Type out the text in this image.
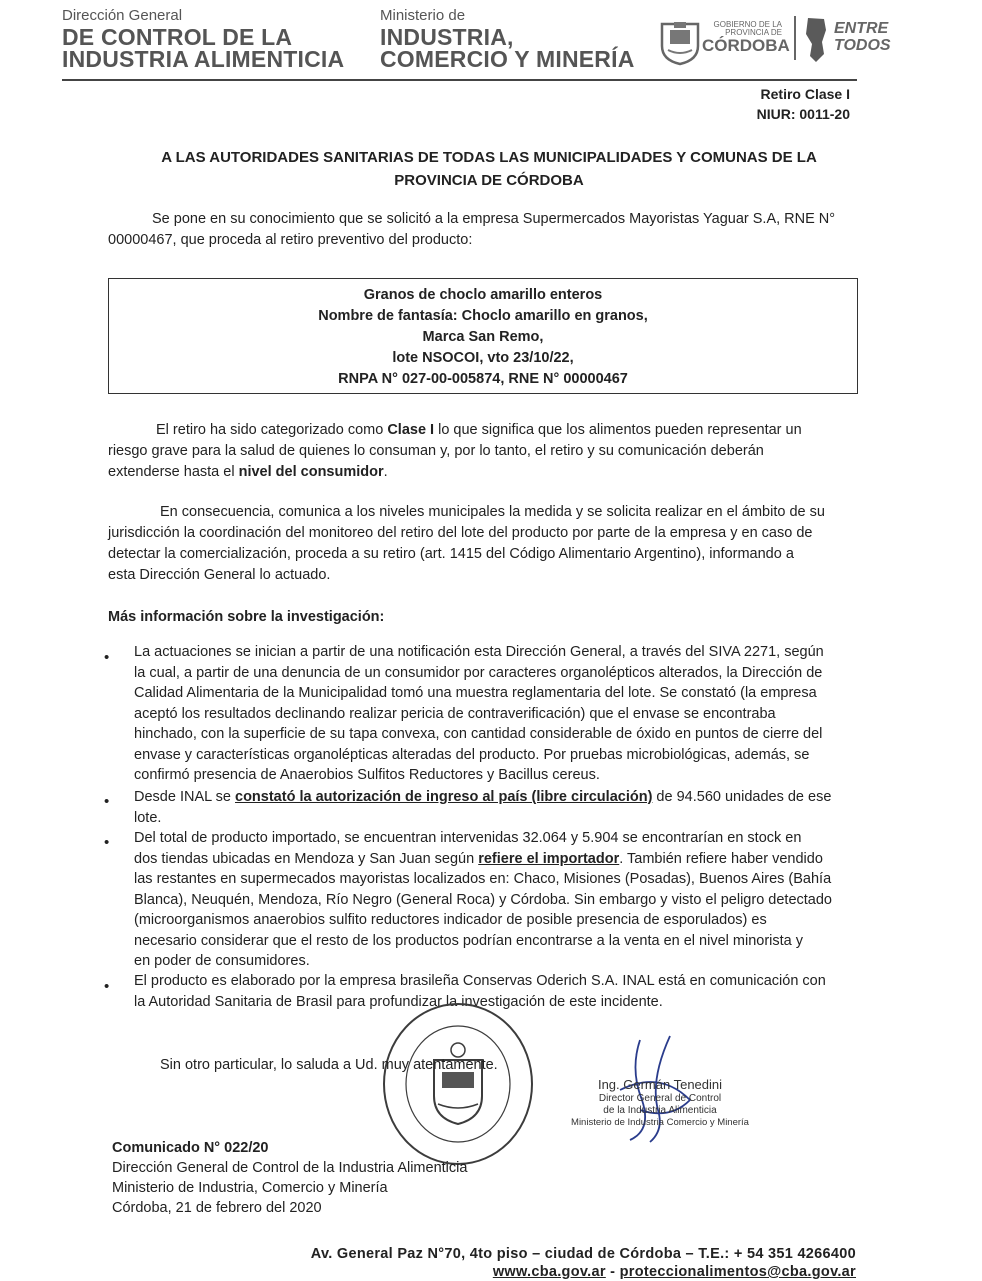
Dirección General
DE CONTROL DE LA
INDUSTRIA ALIMENTICIA
Ministerio de
INDUSTRIA,
COMERCIO Y MINERÍA
GOBIERNO DE LA
PROVINCIA DE
CÓRDOBA
ENTRE
TODOS
Retiro Clase I
NIUR: 0011-20
A LAS AUTORIDADES SANITARIAS DE TODAS LAS MUNICIPALIDADES Y COMUNAS DE LA
PROVINCIA DE CÓRDOBA
Se pone en su conocimiento que se solicitó a la empresa Supermercados Mayoristas Yaguar S.A, RNE N°
00000467, que proceda al retiro preventivo del producto:
Granos de choclo amarillo enteros
Nombre de fantasía: Choclo amarillo en granos,
Marca San Remo,
lote NSOCOI, vto 23/10/22,
RNPA N° 027-00-005874, RNE N° 00000467
El retiro ha sido categorizado como Clase I lo que significa que los alimentos pueden representar un
riesgo grave para la salud de quienes lo consuman y, por lo tanto, el retiro y su comunicación deberán
extenderse hasta el nivel del consumidor.
En consecuencia, comunica a los niveles municipales la medida y se solicita realizar en el ámbito de su
jurisdicción la coordinación del monitoreo del retiro del lote del producto por parte de la empresa y en caso de
detectar la comercialización, proceda a su retiro (art. 1415 del Código Alimentario Argentino), informando a
esta Dirección General lo actuado.
Más información sobre la investigación:
• La actuaciones se inician a partir de una notificación esta Dirección General, a través del SIVA 2271, según
la cual, a partir de una denuncia de un consumidor por caracteres organolépticos alterados, la Dirección de
Calidad Alimentaria de la Municipalidad tomó una muestra reglamentaria del lote. Se constató (la empresa
aceptó los resultados declinando realizar pericia de contraverificación) que el envase se encontraba
hinchado, con la superficie de su tapa convexa, con cantidad considerable de óxido en puntos de cierre del
envase y características organolépticas alteradas del producto. Por pruebas microbiológicas, además, se
confirmó presencia de Anaerobios Sulfitos Reductores y Bacillus cereus.
• Desde INAL se constató la autorización de ingreso al país (libre circulación) de 94.560 unidades de ese
lote.
• Del total de producto importado, se encuentran intervenidas 32.064 y 5.904 se encontrarían en stock en
dos tiendas ubicadas en Mendoza y San Juan según refiere el importador. También refiere haber vendido
las restantes en supermecados mayoristas localizados en: Chaco, Misiones (Posadas), Buenos Aires (Bahía
Blanca), Neuquén, Mendoza, Río Negro (General Roca) y Córdoba. Sin embargo y visto el peligro detectado
(microorganismos anaerobios sulfito reductores indicador de posible presencia de esporulados) es
necesario considerar que el resto de los productos podrían encontrarse a la venta en el nivel minorista y
en poder de consumidores.
• El producto es elaborado por la empresa brasileña Conservas Oderich S.A. INAL está en comunicación con
la Autoridad Sanitaria de Brasil para profundizar la investigación de este incidente.
Sin otro particular, lo saluda a Ud. muy atentamente.
Ing. Germán Tenedini
Director General de Control
de la Industria Alimenticia
Ministerio de Industria Comercio y Minería
Comunicado N° 022/20
Dirección General de Control de la Industria Alimenticia
Ministerio de Industria, Comercio y Minería
Córdoba, 21 de febrero del 2020
Av. General Paz N°70, 4to piso – ciudad de Córdoba – T.E.: + 54 351 4266400
www.cba.gov.ar - proteccionalimentos@cba.gov.ar
